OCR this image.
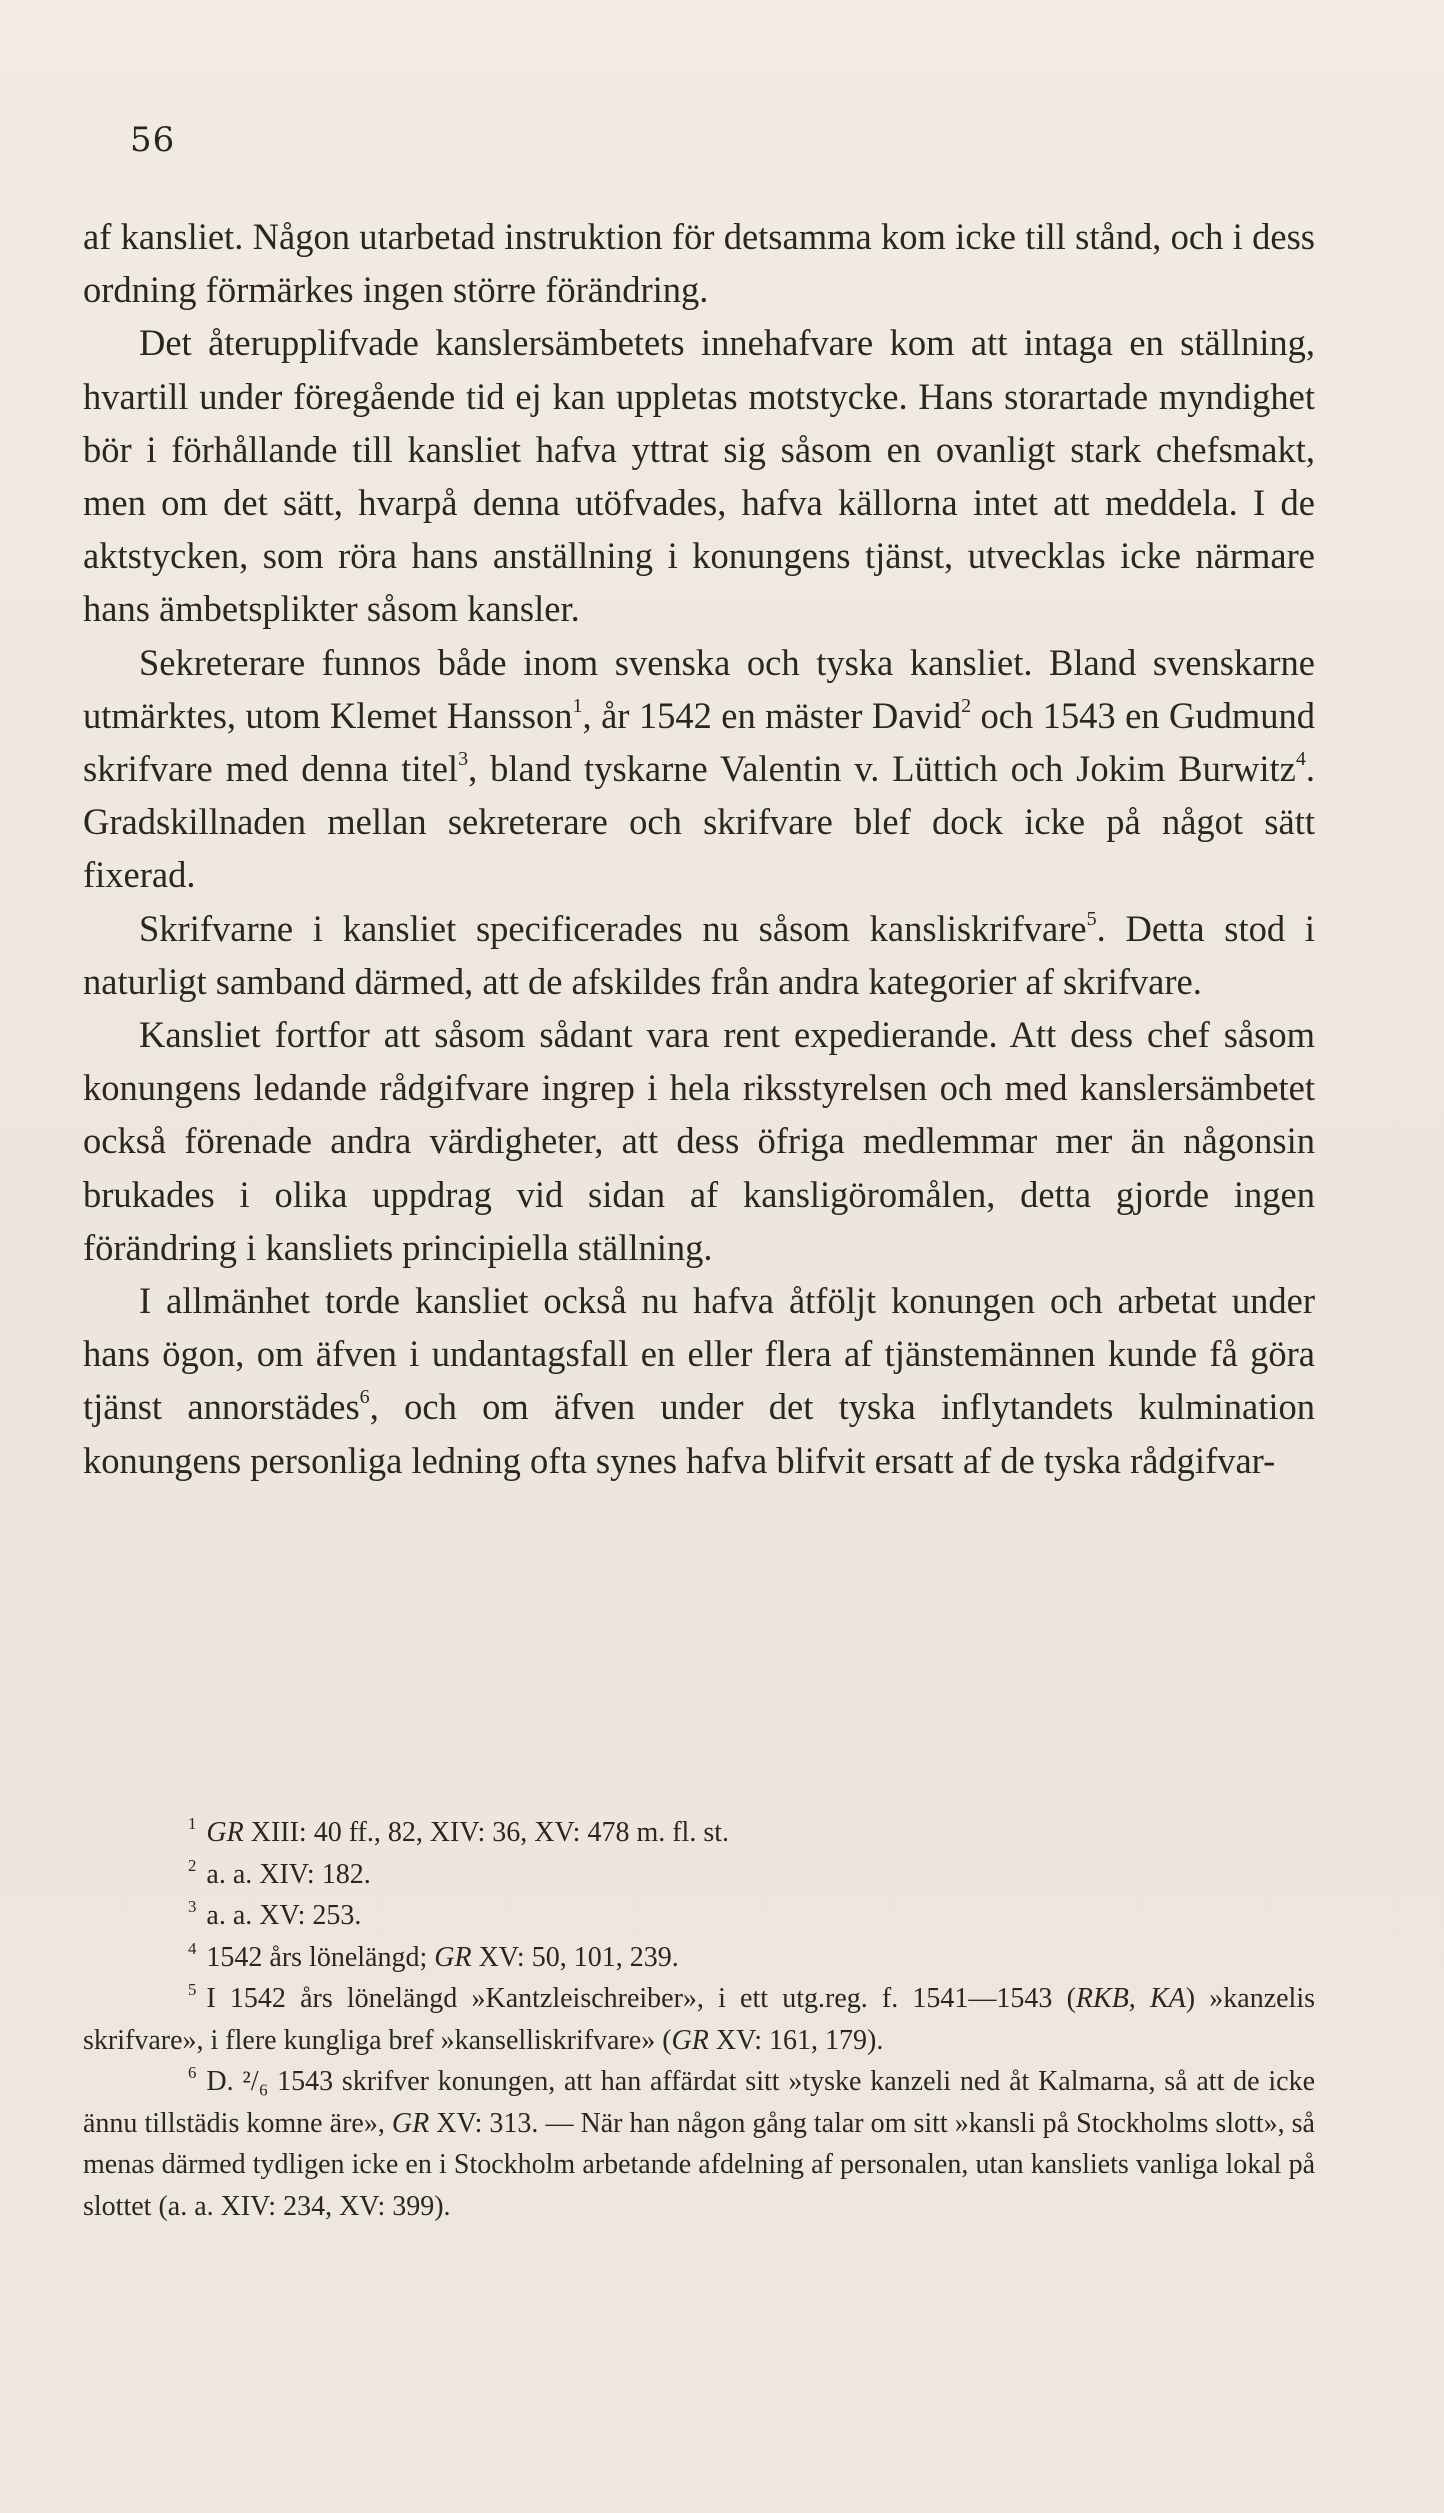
56

af kansliet. Någon utarbetad instruktion för detsamma kom icke till stånd, och i dess ordning förmärkes ingen större förändring.

Det återupplifvade kanslersämbetets innehafvare kom att intaga en ställning, hvartill under föregående tid ej kan uppletas motstycke. Hans storartade myndighet bör i förhållande till kansliet hafva yttrat sig såsom en ovanligt stark chefsmakt, men om det sätt, hvarpå denna utöfvades, hafva källorna intet att meddela. I de aktstycken, som röra hans anställning i konungens tjänst, utvecklas icke närmare hans ämbetsplikter såsom kansler.

Sekreterare funnos både inom svenska och tyska kansliet. Bland svenskarne utmärktes, utom Klemet Hansson$^1$, år 1542 en mäster David$^2$ och 1543 en Gudmund skrifvare med denna titel$^3$, bland tyskarne Valentin v. Lüttich och Jokim Burwitz$^4$. Gradskillnaden mellan sekreterare och skrifvare blef dock icke på något sätt fixerad.

Skrifvarne i kansliet specificerades nu såsom kansliskrifvare$^5$. Detta stod i naturligt samband därmed, att de afskildes från andra kategorier af skrifvare.

Kansliet fortfor att såsom sådant vara rent expedierande. Att dess chef såsom konungens ledande rådgifvare ingrep i hela riksstyrelsen och med kanslersämbetet också förenade andra värdigheter, att dess öfriga medlemmar mer än någonsin brukades i olika uppdrag vid sidan af kansligöromålen, detta gjorde ingen förändring i kansliets principiella ställning.

I allmänhet torde kansliet också nu hafva åtföljt konungen och arbetat under hans ögon, om äfven i undantagsfall en eller flera af tjänstemännen kunde få göra tjänst annorstädes$^6$, och om äfven under det tyska inflytandets kulmination konungens personliga ledning ofta synes hafva blifvit ersatt af de tyska rådgifvar-

$^1$ GR XIII: 40 ff., 82, XIV: 36, XV: 478 m. fl. st.

$^2$ a. a. XIV: 182.

$^3$ a. a. XV: 253.

$^4$ 1542 års lönelängd; GR XV: 50, 101, 239.

$^5$ I 1542 års lönelängd »Kantzleischreiber», i ett utg.reg. f. 1541—1543 (RKB, KA) »kanzelis skrifvare», i flere kungliga bref »kanselliskrifvare» (GR XV: 161, 179).

$^6$ D. ²/₆ 1543 skrifver konungen, att han affärdat sitt »tyske kanzeli ned åt Kalmarna, så att de icke ännu tillstädis komne äre», GR XV: 313. — När han någon gång talar om sitt »kansli på Stockholms slott», så menas därmed tydligen icke en i Stockholm arbetande afdelning af personalen, utan kansliets vanliga lokal på slottet (a. a. XIV: 234, XV: 399).
